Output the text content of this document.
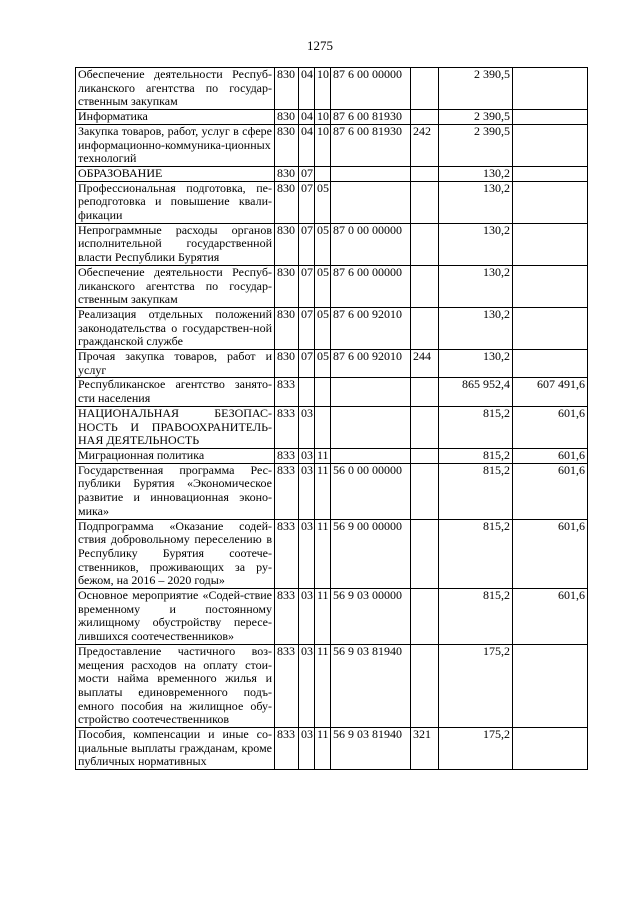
1275
Обеспечение деятельности Респуб-ликанского агентства по государ-ственным закупкам	830	04	10	87 6 00 00000		2 390,5	
Информатика	830	04	10	87 6 00 81930		2 390,5	
Закупка товаров, работ, услуг в сфере информационно-коммуника-ционных технологий	830	04	10	87 6 00 81930	242	2 390,5	
ОБРАЗОВАНИЕ	830	07				130,2	
Профессиональная подготовка, пе-реподготовка и повышение квали-фикации	830	07	05			130,2	
Непрограммные расходы органов исполнительной государственной власти Республики Бурятия	830	07	05	87 0 00 00000		130,2	
Обеспечение деятельности Респуб-ликанского агентства по государ-ственным закупкам	830	07	05	87 6 00 00000		130,2	
Реализация отдельных положений законодательства о государствен-ной гражданской службе	830	07	05	87 6 00 92010		130,2	
Прочая закупка товаров, работ и услуг	830	07	05	87 6 00 92010	244	130,2	
Республиканское агентство занято-сти населения	833					865 952,4	607 491,6
НАЦИОНАЛЬНАЯ БЕЗОПАС-НОСТЬ И ПРАВООХРАНИТЕЛЬ-НАЯ ДЕЯТЕЛЬНОСТЬ	833	03				815,2	601,6
Миграционная политика	833	03	11			815,2	601,6
Государственная программа Рес-публики Бурятия «Экономическое развитие и инновационная эконо-мика»	833	03	11	56 0 00 00000		815,2	601,6
Подпрограмма «Оказание содей-ствия добровольному переселению в Республику Бурятия соотече-ственников, проживающих за ру-бежом, на 2016 – 2020 годы»	833	03	11	56 9 00 00000		815,2	601,6
Основное мероприятие «Содей-ствие временному и постоянному жилищному обустройству пересе-лившихся соотечественников»	833	03	11	56 9 03 00000		815,2	601,6
Предоставление частичного воз-мещения расходов на оплату стои-мости найма временного жилья и выплаты единовременного подъ-емного пособия на жилищное обу-стройство соотечественников	833	03	11	56 9 03 81940		175,2	
Пособия, компенсации и иные со-циальные выплаты гражданам, кроме публичных нормативных	833	03	11	56 9 03 81940	321	175,2	
